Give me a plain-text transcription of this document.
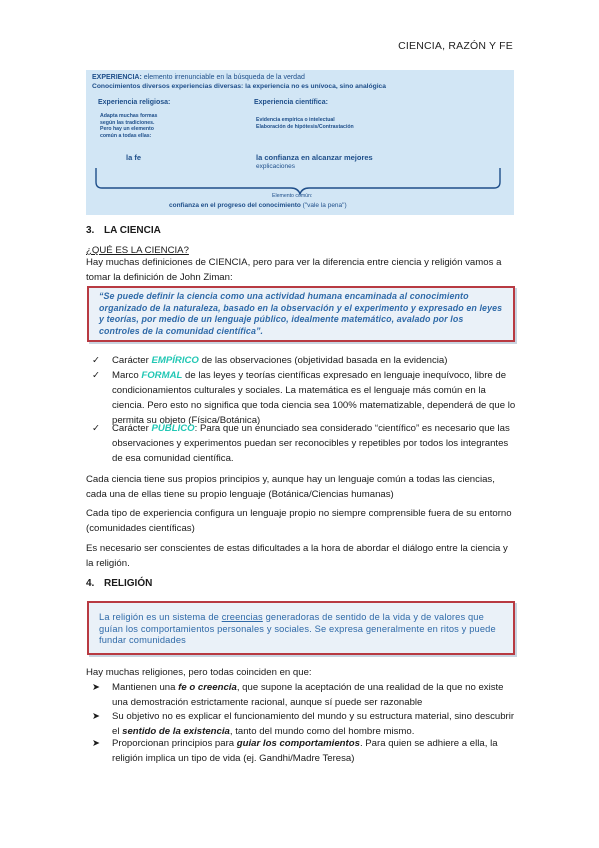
CIENCIA, RAZÓN Y FE
EXPERIENCIA: elemento irrenunciable en la búsqueda de la verdad
Conocimientos diversos experiencias diversas: la experiencia no es unívoca, sino analógica
Experiencia religiosa:	Experiencia científica:
Adapta muchas formas
según las tradiciones.
Pero hay un elemento
común a todas ellas:
Evidencia empírica o intelectual
Elaboración de hipótesis/Contrastación
la fe	la confianza en alcanzar mejores
explicaciones
Elemento común:
confianza en el progreso del conocimiento ("vale la pena")
3. LA CIENCIA
¿QUÉ ES LA CIENCIA?
Hay muchas definiciones de CIENCIA, pero para ver la diferencia entre ciencia y religión vamos a tomar la definición de John Ziman:
“Se puede definir la ciencia como una actividad humana encaminada al conocimiento organizado de la naturaleza, basado en la observación y el experimento y expresado en leyes y teorías, por medio de un lenguaje público, idealmente matemático, avalado por los controles de la comunidad científica”.
✓ Carácter EMPÍRICO de las observaciones (objetividad basada en la evidencia)
✓ Marco FORMAL de las leyes y teorías científicas expresado en lenguaje inequívoco, libre de condicionamientos culturales y sociales. La matemática es el lenguaje más común en la ciencia. Pero esto no significa que toda ciencia sea 100% matematizable, dependerá de que lo permita su objeto (Física/Botánica)
✓ Carácter PÚBLICO: Para que un enunciado sea considerado “científico” es necesario que las observaciones y experimentos puedan ser reconocibles y repetibles por todos los integrantes de esa comunidad científica.
Cada ciencia tiene sus propios principios y, aunque hay un lenguaje común a todas las ciencias, cada una de ellas tiene su propio lenguaje (Botánica/Ciencias humanas)
Cada tipo de experiencia configura un lenguaje propio no siempre comprensible fuera de su entorno (comunidades científicas)
Es necesario ser conscientes de estas dificultades a la hora de abordar el diálogo entre la ciencia y la religión.
4. RELIGIÓN
La religión es un sistema de creencias generadoras de sentido de la vida y de valores que guían los comportamientos personales y sociales. Se expresa generalmente en ritos y puede fundar comunidades
Hay muchas religiones, pero todas coinciden en que:
➤ Mantienen una fe o creencia, que supone la aceptación de una realidad de la que no existe una demostración estrictamente racional, aunque sí puede ser razonable
➤ Su objetivo no es explicar el funcionamiento del mundo y su estructura material, sino descubrir el sentido de la existencia, tanto del mundo como del hombre mismo.
➤ Proporcionan principios para guiar los comportamientos. Para quien se adhiere a ella, la religión implica un tipo de vida (ej. Gandhi/Madre Teresa)
